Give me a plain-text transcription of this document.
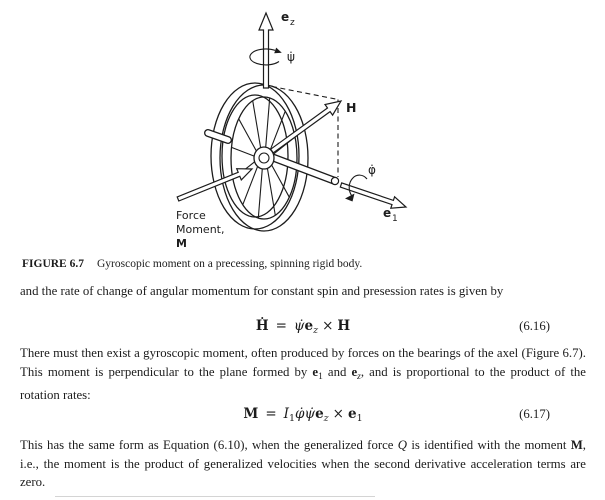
e z
ψ̇
H
φ̇
e 1
Force
Moment,
M
FIGURE 6.7 Gyroscopic moment on a precessing, spinning rigid body.
and the rate of change of angular momentum for constant spin and presession rates is given by
Ḣ = $\psi̇e_z \times H$	(6.16)
There must then exist a gyroscopic moment, often produced by forces on the bearings of the axel (Figure 6.7). This moment is perpendicular to the plane formed by $e_1$ and $e_z$, and is proportional to the product of the rotation rates:
$M = I_1\varphi̇\psi̇e_z \times e_1$	(6.17)
This has the same form as Equation (6.10), when the generalized force Q is identified with the moment M, i.e., the moment is the product of generalized velocities when the second derivative acceleration terms are zero.
